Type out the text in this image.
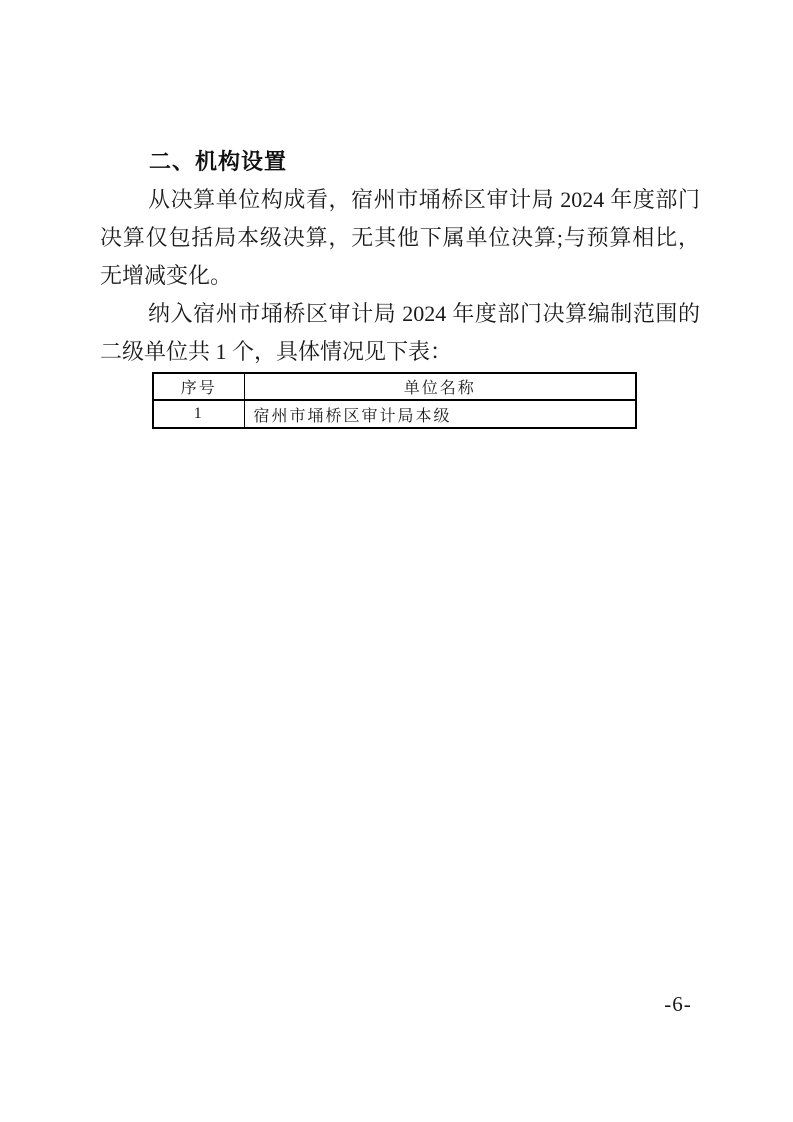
二、机构设置

从决算单位构成看，宿州市埇桥区审计局 2024 年度部门决算仅包括局本级决算，无其他下属单位决算;与预算相比，无增减变化。

纳入宿州市埇桥区审计局 2024 年度部门决算编制范围的二级单位共 1 个，具体情况见下表：

序号	单位名称
1	宿州市埇桥区审计局本级
-6-
